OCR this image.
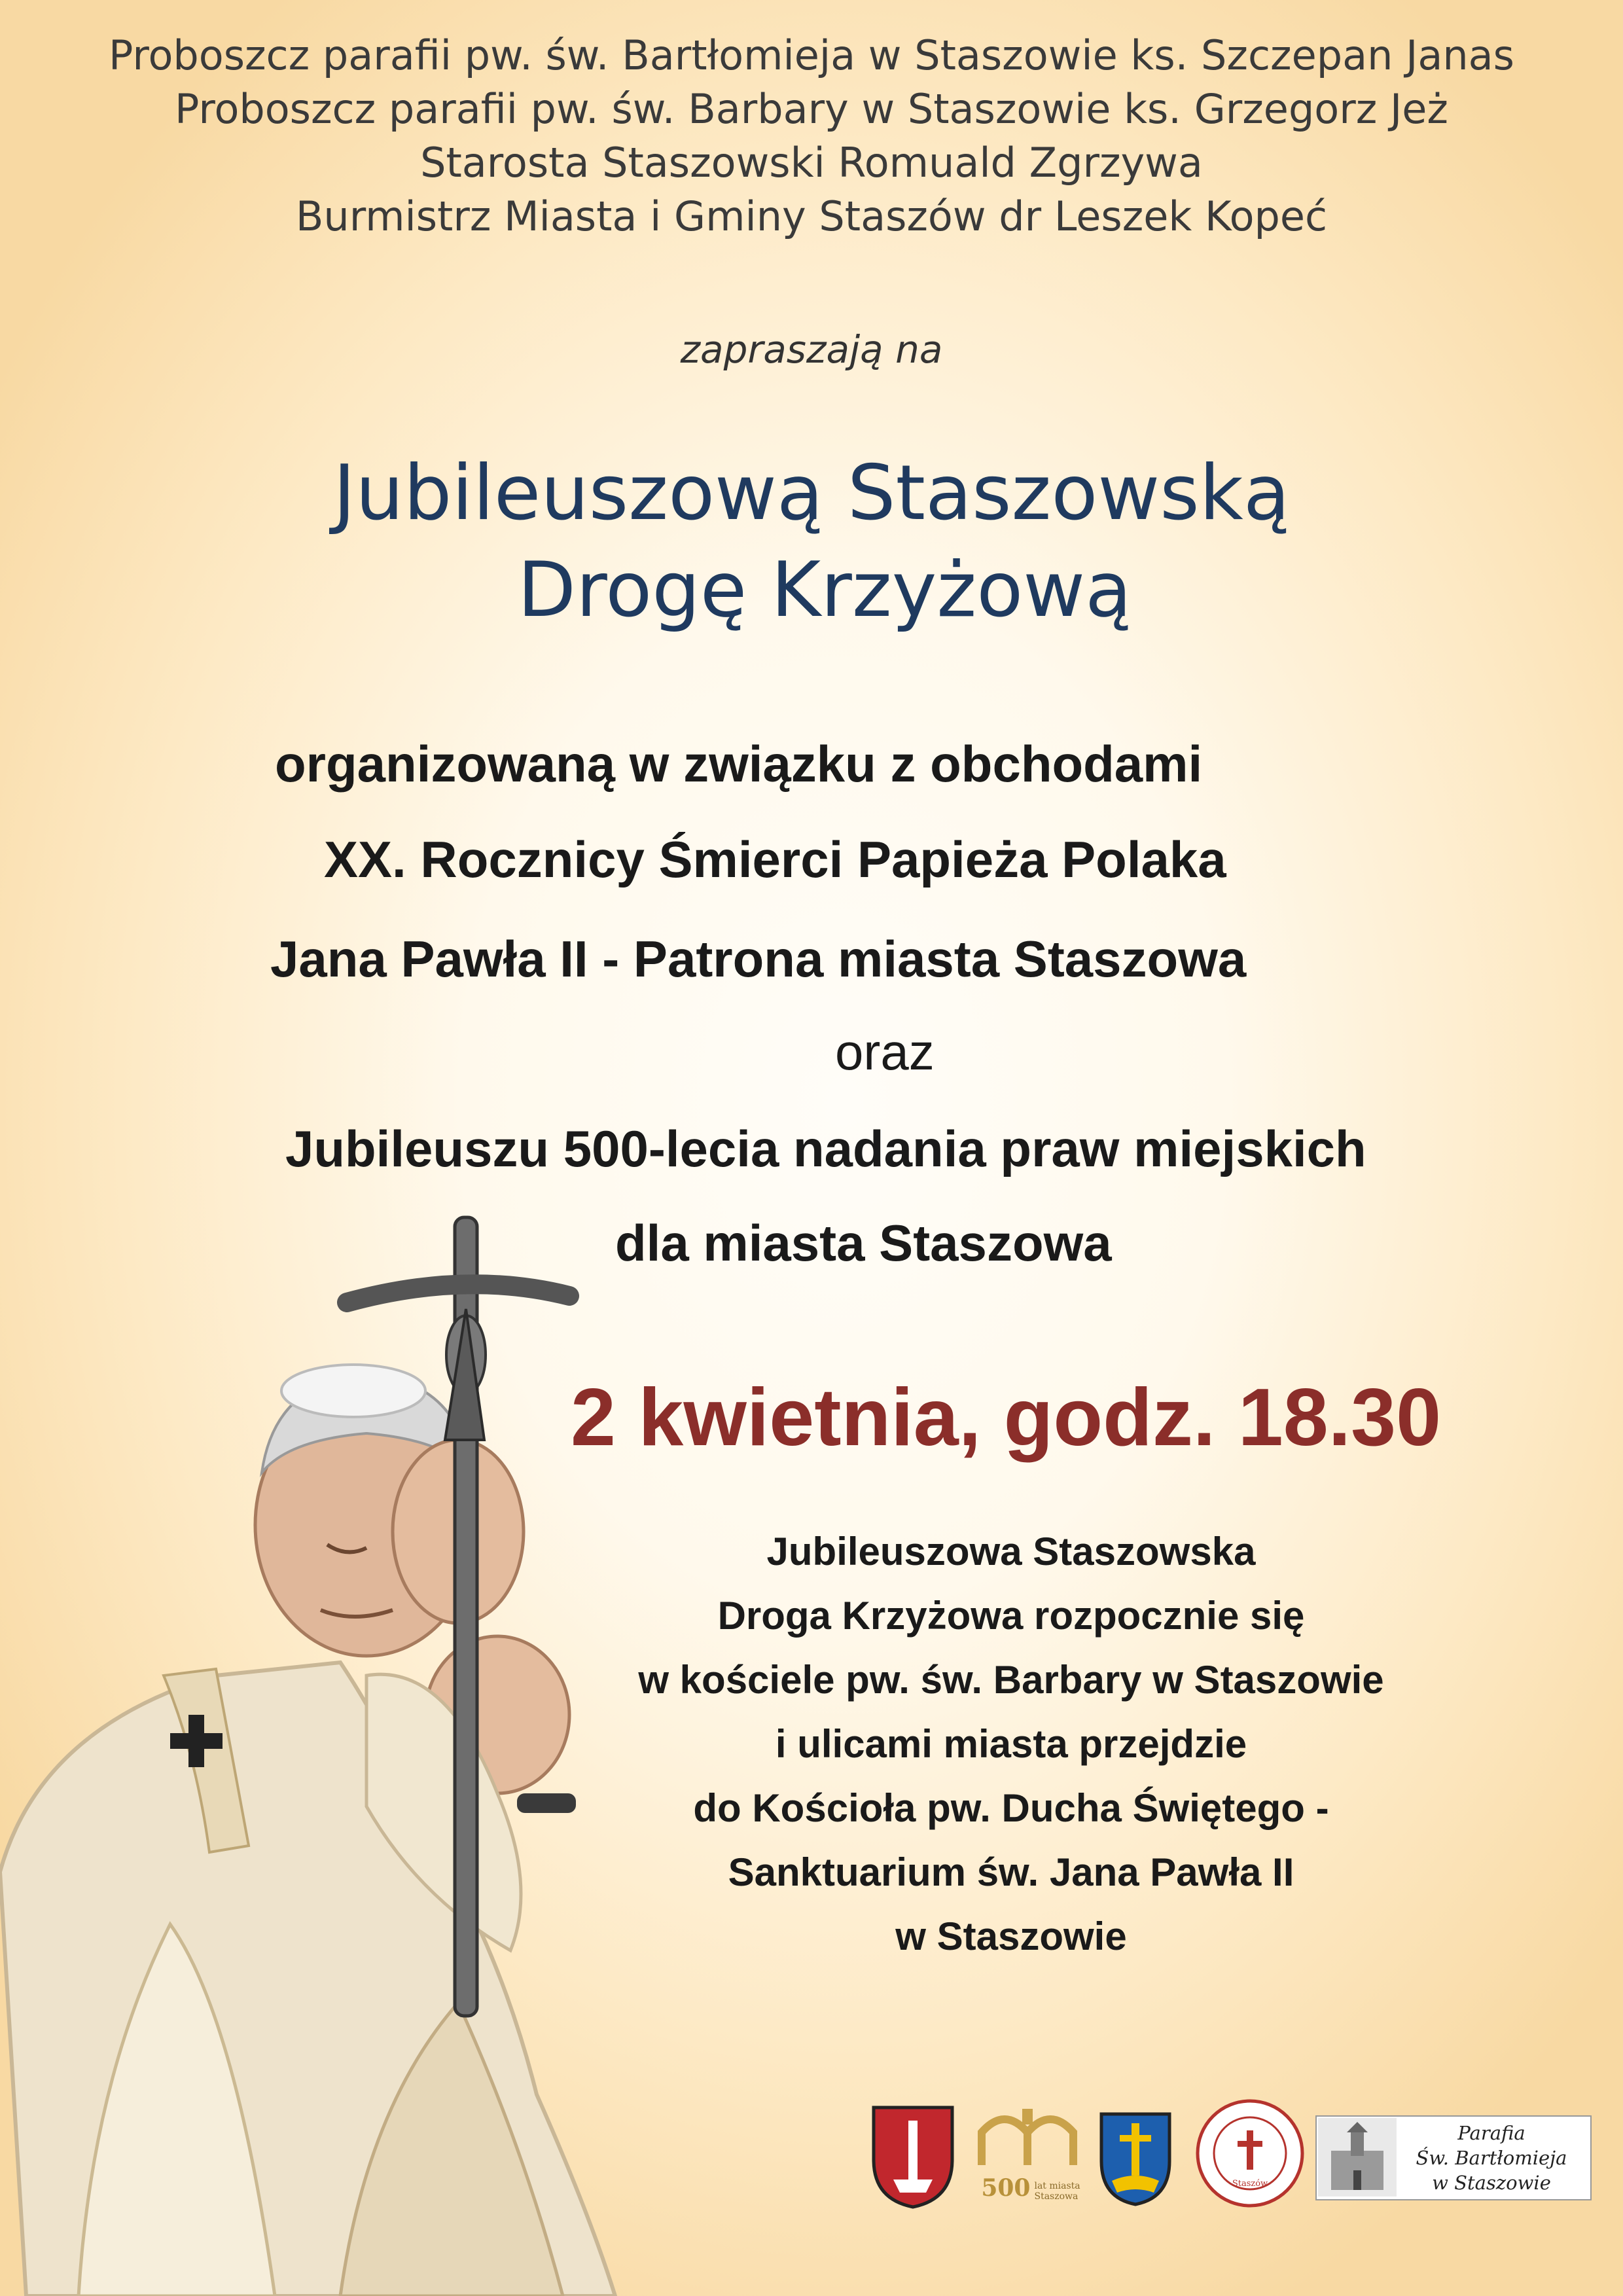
Proboszcz parafii pw. św. Bartłomieja w Staszowie ks. Szczepan Janas
Proboszcz parafii pw. św. Barbary w Staszowie ks. Grzegorz Jeż
Starosta Staszowski Romuald Zgrzywa
Burmistrz Miasta i Gminy Staszów dr Leszek Kopeć
zapraszają na
Jubileuszową Staszowską
Drogę Krzyżową
organizowaną w związku z obchodami
XX. Rocznicy Śmierci Papieża Polaka
Jana Pawła II - Patrona miasta Staszowa
oraz
Jubileuszu 500-lecia nadania praw miejskich
dla miasta Staszowa
2 kwietnia, godz. 18.30
Jubileuszowa Staszowska
Droga Krzyżowa rozpocznie się
w kościele pw. św. Barbary w Staszowie
i ulicami miasta przejdzie
do Kościoła pw. Ducha Świętego -
Sanktuarium św. Jana Pawła II
w Staszowie
500 lat miasta
Staszowa
Staszów
Parafia
Św. Bartłomieja
w Staszowie
